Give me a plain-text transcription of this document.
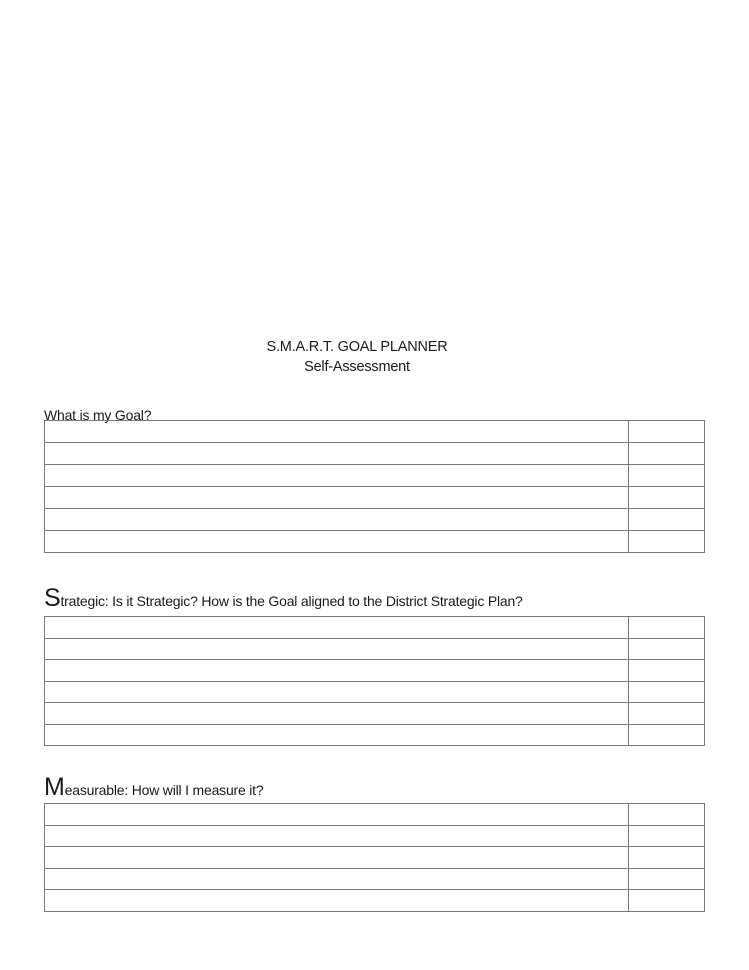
S.M.A.R.T. GOAL PLANNER
Self-Assessment
What is my Goal?

Strategic: Is it Strategic? How is the Goal aligned to the District Strategic Plan?

Measurable: How will I measure it?
